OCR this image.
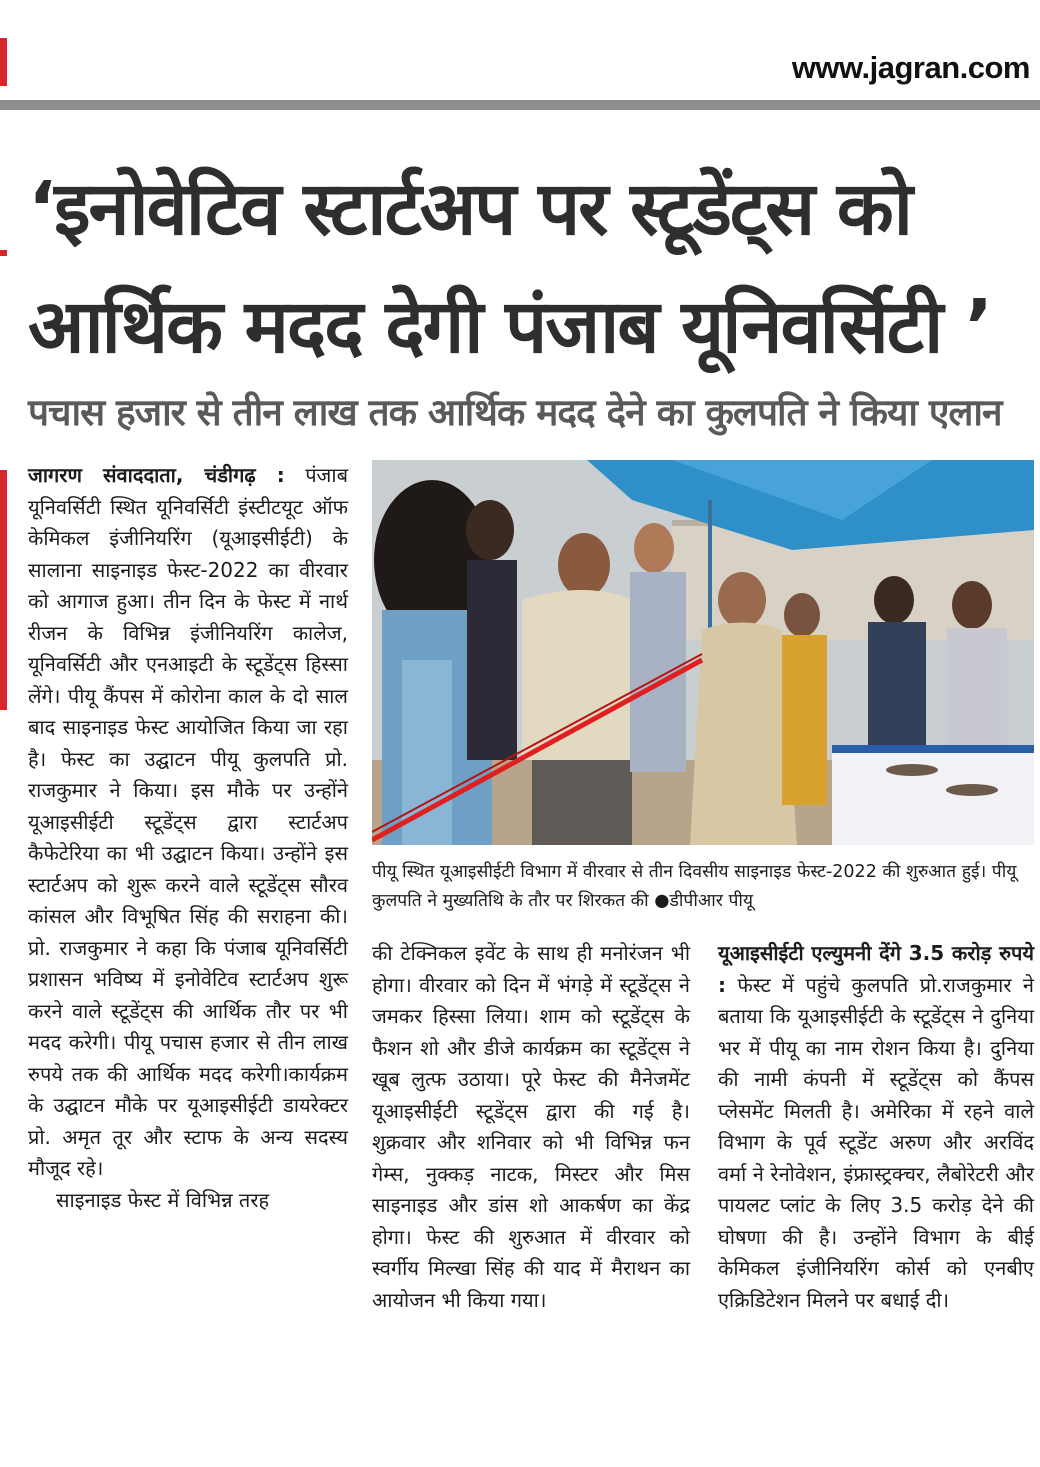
www.jagran.com
‘इनोवेटिव स्टार्टअप पर स्टूडेंट्स को आर्थिक मदद देगी पंजाब यूनिवर्सिटी ’
पचास हजार से तीन लाख तक आर्थिक मदद देने का कुलपति ने किया एलान

जागरण संवाददाता, चंडीगढ़ : पंजाब यूनिवर्सिटी स्थित यूनिवर्सिटी इंस्टीटयूट ऑफ केमिकल इंजीनियरिंग (यूआइसीईटी) के सालाना साइनाइड फेस्ट-2022 का वीरवार को आगाज हुआ। तीन दिन के फेस्ट में नार्थ रीजन के विभिन्न इंजीनियरिंग कालेज, यूनिवर्सिटी और एनआइटी के स्टूडेंट्स हिस्सा लेंगे। पीयू कैंपस में कोरोना काल के दो साल बाद साइनाइड फेस्ट आयोजित किया जा रहा है। फेस्ट का उद्घाटन पीयू कुलपति प्रो. राजकुमार ने किया। इस मौके पर उन्होंने यूआइसीईटी स्टूडेंट्स द्वारा स्टार्टअप कैफेटेरिया का भी उद्घाटन किया। उन्होंने इस स्टार्टअप को शुरू करने वाले स्टूडेंट्स सौरव कांसल और विभूषित सिंह की सराहना की। प्रो. राजकुमार ने कहा कि पंजाब यूनिवर्सिटी प्रशासन भविष्य में इनोवेटिव स्टार्टअप शुरू करने वाले स्टूडेंट्स की आर्थिक तौर पर भी मदद करेगी। पीयू पचास हजार से तीन लाख रुपये तक की आर्थिक मदद करेगी।कार्यक्रम के उद्घाटन मौके पर यूआइसीईटी डायरेक्टर प्रो. अमृत तूर और स्टाफ के अन्य सदस्य मौजूद रहे।

साइनाइड फेस्ट में विभिन्न तरह

पीयू स्थित यूआइसीईटी विभाग में वीरवार से तीन दिवसीय साइनाइड फेस्ट-2022 की शुरुआत हुई। पीयू कुलपति ने मुख्यतिथि के तौर पर शिरकत की ●डीपीआर पीयू

की टेक्निकल इवेंट के साथ ही मनोरंजन भी होगा। वीरवार को दिन में भंगड़े में स्टूडेंट्स ने जमकर हिस्सा लिया। शाम को स्टूडेंट्स के फैशन शो और डीजे कार्यक्रम का स्टूडेंट्स ने खूब लुत्फ उठाया। पूरे फेस्ट की मैनेजमेंट यूआइसीईटी स्टूडेंट्स द्वारा की गई है। शुक्रवार और शनिवार को भी विभिन्न फन गेम्स, नुक्कड़ नाटक, मिस्टर और मिस साइनाइड और डांस शो आकर्षण का केंद्र होगा। फेस्ट की शुरुआत में वीरवार को स्वर्गीय मिल्खा सिंह की याद में मैराथन का आयोजन भी किया गया।

यूआइसीईटी एल्युमनी देंगे 3.5 करोड़ रुपये : फेस्ट में पहुंचे कुलपति प्रो.राजकुमार ने बताया कि यूआइसीईटी के स्टूडेंट्स ने दुनिया भर में पीयू का नाम रोशन किया है। दुनिया की नामी कंपनी में स्टूडेंट्स को कैंपस प्लेसमेंट मिलती है। अमेरिका में रहने वाले विभाग के पूर्व स्टूडेंट अरुण और अरविंद वर्मा ने रेनोवेशन, इंफ्रास्ट्रक्चर, लैबोरेटरी और पायलट प्लांट के लिए 3.5 करोड़ देने की घोषणा की है। उन्होंने विभाग के बीई केमिकल इंजीनियरिंग कोर्स को एनबीए एक्रिडिटेशन मिलने पर बधाई दी।
